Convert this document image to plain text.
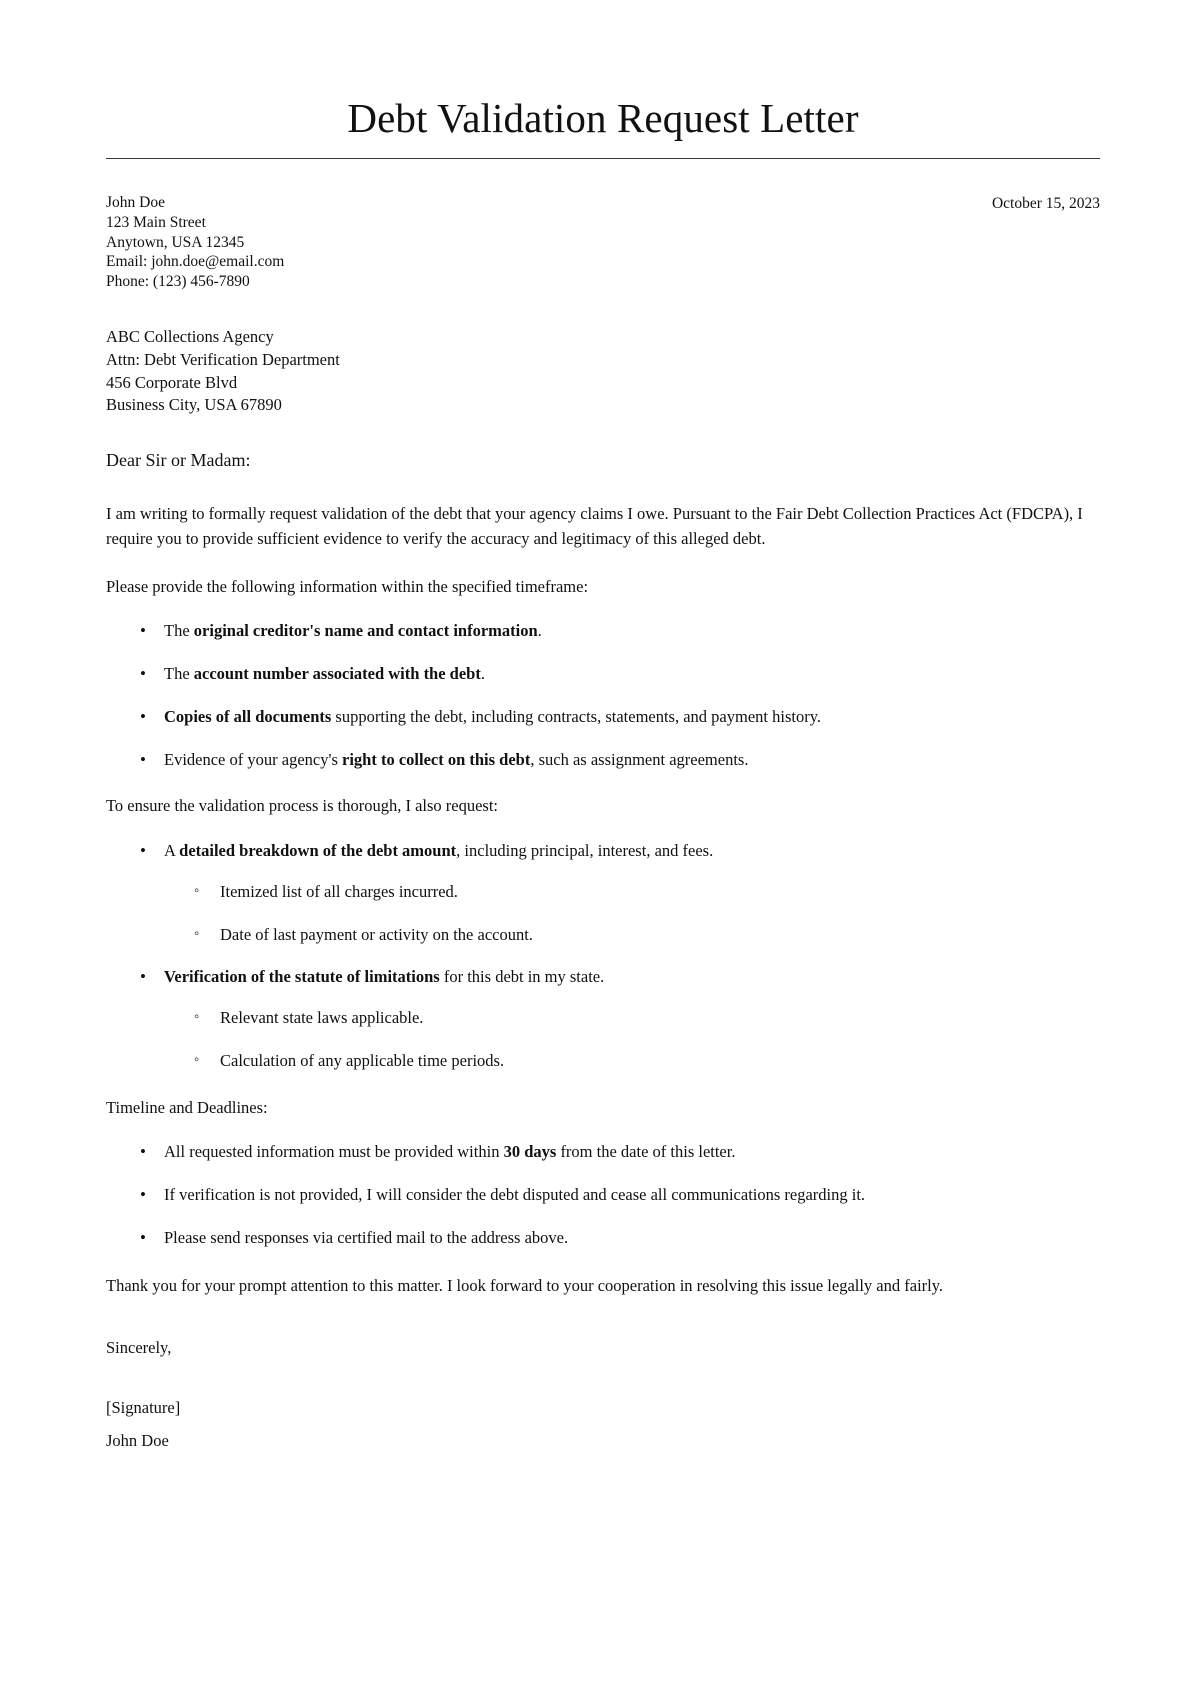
Debt Validation Request Letter
John Doe
123 Main Street
Anytown, USA 12345
Email: john.doe@email.com
Phone: (123) 456-7890
October 15, 2023
ABC Collections Agency
Attn: Debt Verification Department
456 Corporate Blvd
Business City, USA 67890

Dear Sir or Madam:

I am writing to formally request validation of the debt that your agency claims I owe. Pursuant to the Fair Debt Collection Practices Act (FDCPA), I require you to provide sufficient evidence to verify the accuracy and legitimacy of this alleged debt.

Please provide the following information within the specified timeframe:

• The original creditor's name and contact information.
• The account number associated with the debt.
• Copies of all documents supporting the debt, including contracts, statements, and payment history.
• Evidence of your agency's right to collect on this debt, such as assignment agreements.

To ensure the validation process is thorough, I also request:

• A detailed breakdown of the debt amount, including principal, interest, and fees.
◦ Itemized list of all charges incurred.
◦ Date of last payment or activity on the account.
• Verification of the statute of limitations for this debt in my state.
◦ Relevant state laws applicable.
◦ Calculation of any applicable time periods.

Timeline and Deadlines:

• All requested information must be provided within 30 days from the date of this letter.
• If verification is not provided, I will consider the debt disputed and cease all communications regarding it.
• Please send responses via certified mail to the address above.

Thank you for your prompt attention to this matter. I look forward to your cooperation in resolving this issue legally and fairly.

Sincerely,

[Signature]

John Doe
